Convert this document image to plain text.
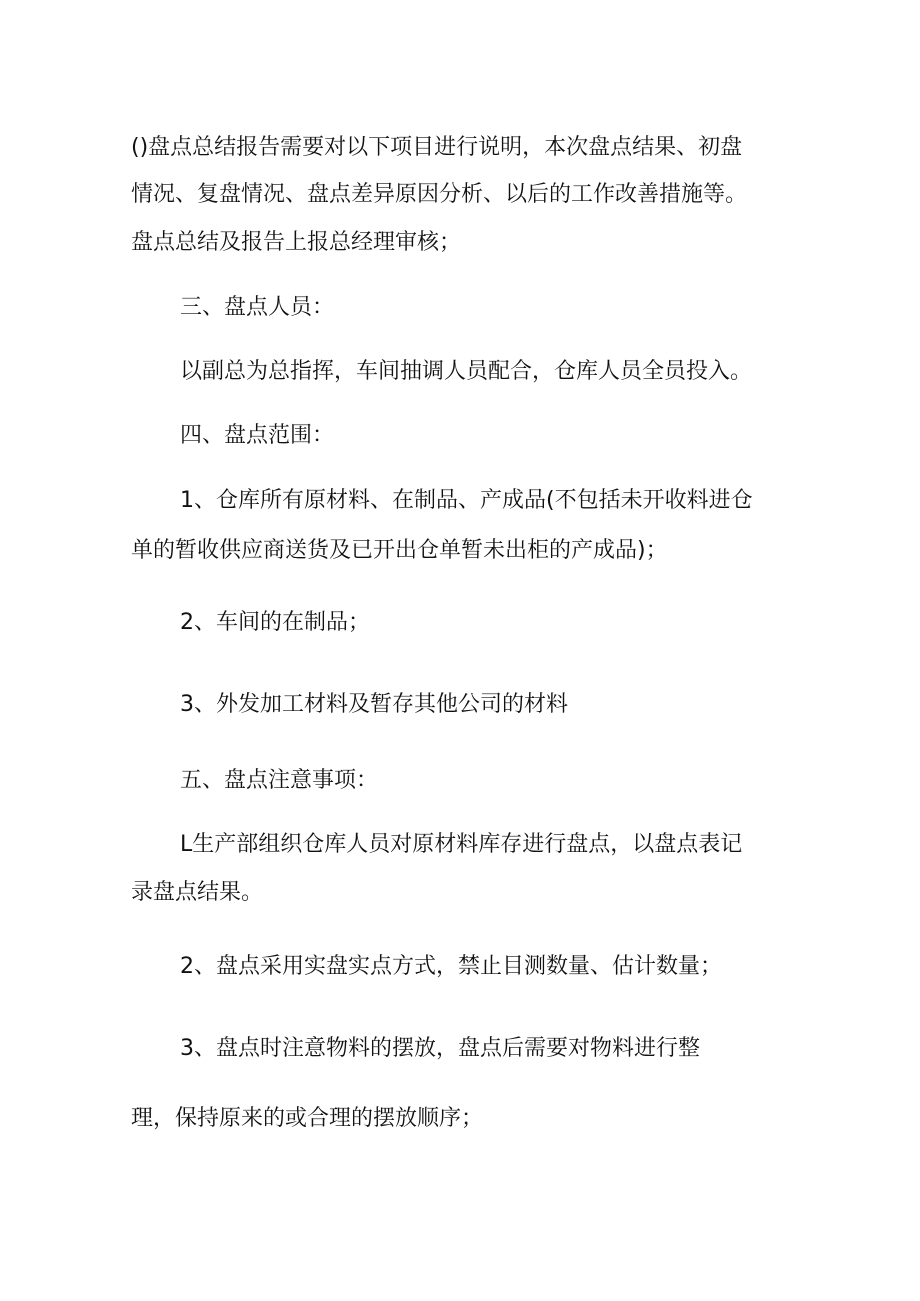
()盘点总结报告需要对以下项目进行说明，本次盘点结果、初盘
情况、复盘情况、盘点差异原因分析、以后的工作改善措施等。
盘点总结及报告上报总经理审核；
三、盘点人员：
以副总为总指挥，车间抽调人员配合，仓库人员全员投入。
四、盘点范围：
1、仓库所有原材料、在制品、产成品(不包括未开收料进仓
单的暂收供应商送货及已开出仓单暂未出柜的产成品)；
2、车间的在制品；
3、外发加工材料及暂存其他公司的材料
五、盘点注意事项：
L生产部组织仓库人员对原材料库存进行盘点，以盘点表记
录盘点结果。
2、盘点采用实盘实点方式，禁止目测数量、估计数量；
3、盘点时注意物料的摆放，盘点后需要对物料进行整
理，保持原来的或合理的摆放顺序；
